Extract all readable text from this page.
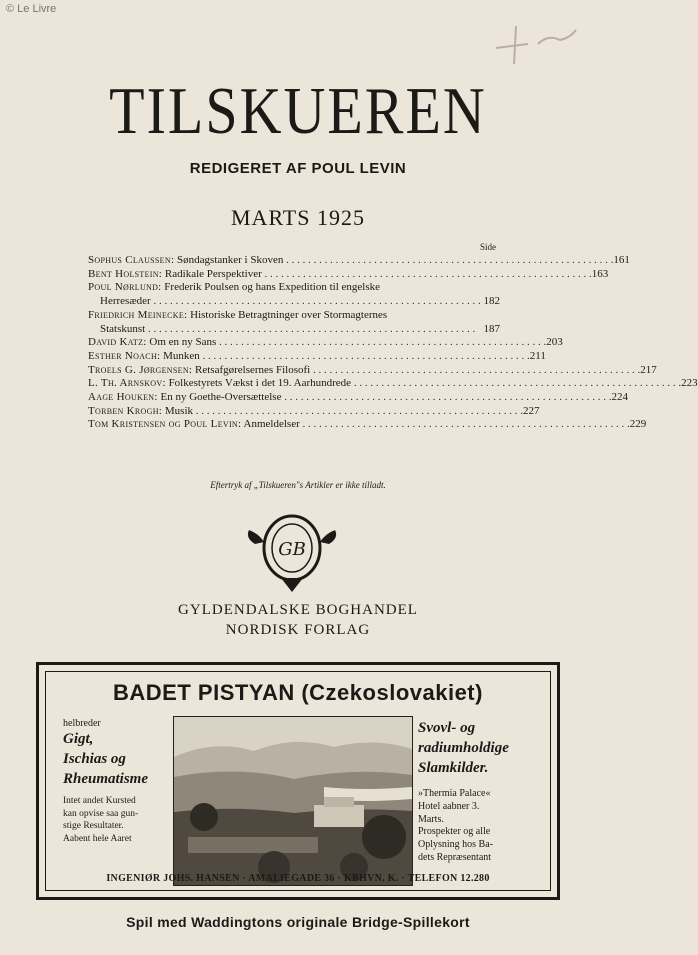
© Le Livre
TILSKUEREN
REDIGERET AF POUL LEVIN
MARTS 1925
Side
Sophus Claussen: Søndagstanker i Skoven . . . . . . . . . . . . . . . . . . . . . . . . . . . . . . . . . . . . . . . . . . . . . . . . . . . . . . . . . . . . 161
Bent Holstein: Radikale Perspektiver . . . . . . . . . . . . . . . . . . . . . . . . . . . . . . . . . . . . . . . . . . . . . . . . . . . . . . . . . . . . 163
Poul Nørlund: Frederik Poulsen og hans Expedition til engelske
Herresæder . . . . . . . . . . . . . . . . . . . . . . . . . . . . . . . . . . . . . . . . . . . . . . . . . . . . . . . . . . . . 182
Friedrich Meinecke: Historiske Betragtninger over Stormagternes
Statskunst . . . . . . . . . . . . . . . . . . . . . . . . . . . . . . . . . . . . . . . . . . . . . . . . . . . . . . . . . . . . 187
David Katz: Om en ny Sans . . . . . . . . . . . . . . . . . . . . . . . . . . . . . . . . . . . . . . . . . . . . . . . . . . . . . . . . . . . . 203
Esther Noach: Munken . . . . . . . . . . . . . . . . . . . . . . . . . . . . . . . . . . . . . . . . . . . . . . . . . . . . . . . . . . . . 211
Troels G. Jørgensen: Retsafgørelsernes Filosofi . . . . . . . . . . . . . . . . . . . . . . . . . . . . . . . . . . . . . . . . . . . . . . . . . . . . . . . . . . . . 217
L. Th. Arnskov: Folkestyrets Vækst i det 19. Aarhundrede . . . . . . . . . . . . . . . . . . . . . . . . . . . . . . . . . . . . . . . . . . . . . . . . . . . . . . . . . . . . 223
Aage Houken: En ny Goethe-Oversættelse . . . . . . . . . . . . . . . . . . . . . . . . . . . . . . . . . . . . . . . . . . . . . . . . . . . . . . . . . . . . 224
Torben Krogh: Musik . . . . . . . . . . . . . . . . . . . . . . . . . . . . . . . . . . . . . . . . . . . . . . . . . . . . . . . . . . . . 227
Tom Kristensen og Poul Levin: Anmeldelser . . . . . . . . . . . . . . . . . . . . . . . . . . . . . . . . . . . . . . . . . . . . . . . . . . . . . . . . . . . . 229
Eftertryk af „Tilskueren"s Artikler er ikke tilladt.
GB
GYLDENDALSKE BOGHANDEL
NORDISK FORLAG
BADET PISTYAN (Czekoslovakiet)
helbreder
Gigt,
Ischias og
Rheumatisme
Intet andet Kursted
kan opvise saa gun-
stige Resultater.
Aabent hele Aaret
Svovl- og
radiumholdige
Slamkilder.
»Thermia Palace«
Hotel aabner 3.
Marts.
Prospekter og alle
Oplysning hos Ba-
dets Repræsentant
INGENIØR JOHS. HANSEN · AMALIEGADE 36 · KBHVN. K. · TELEFON 12.280
Spil med Waddingtons originale Bridge-Spillekort
